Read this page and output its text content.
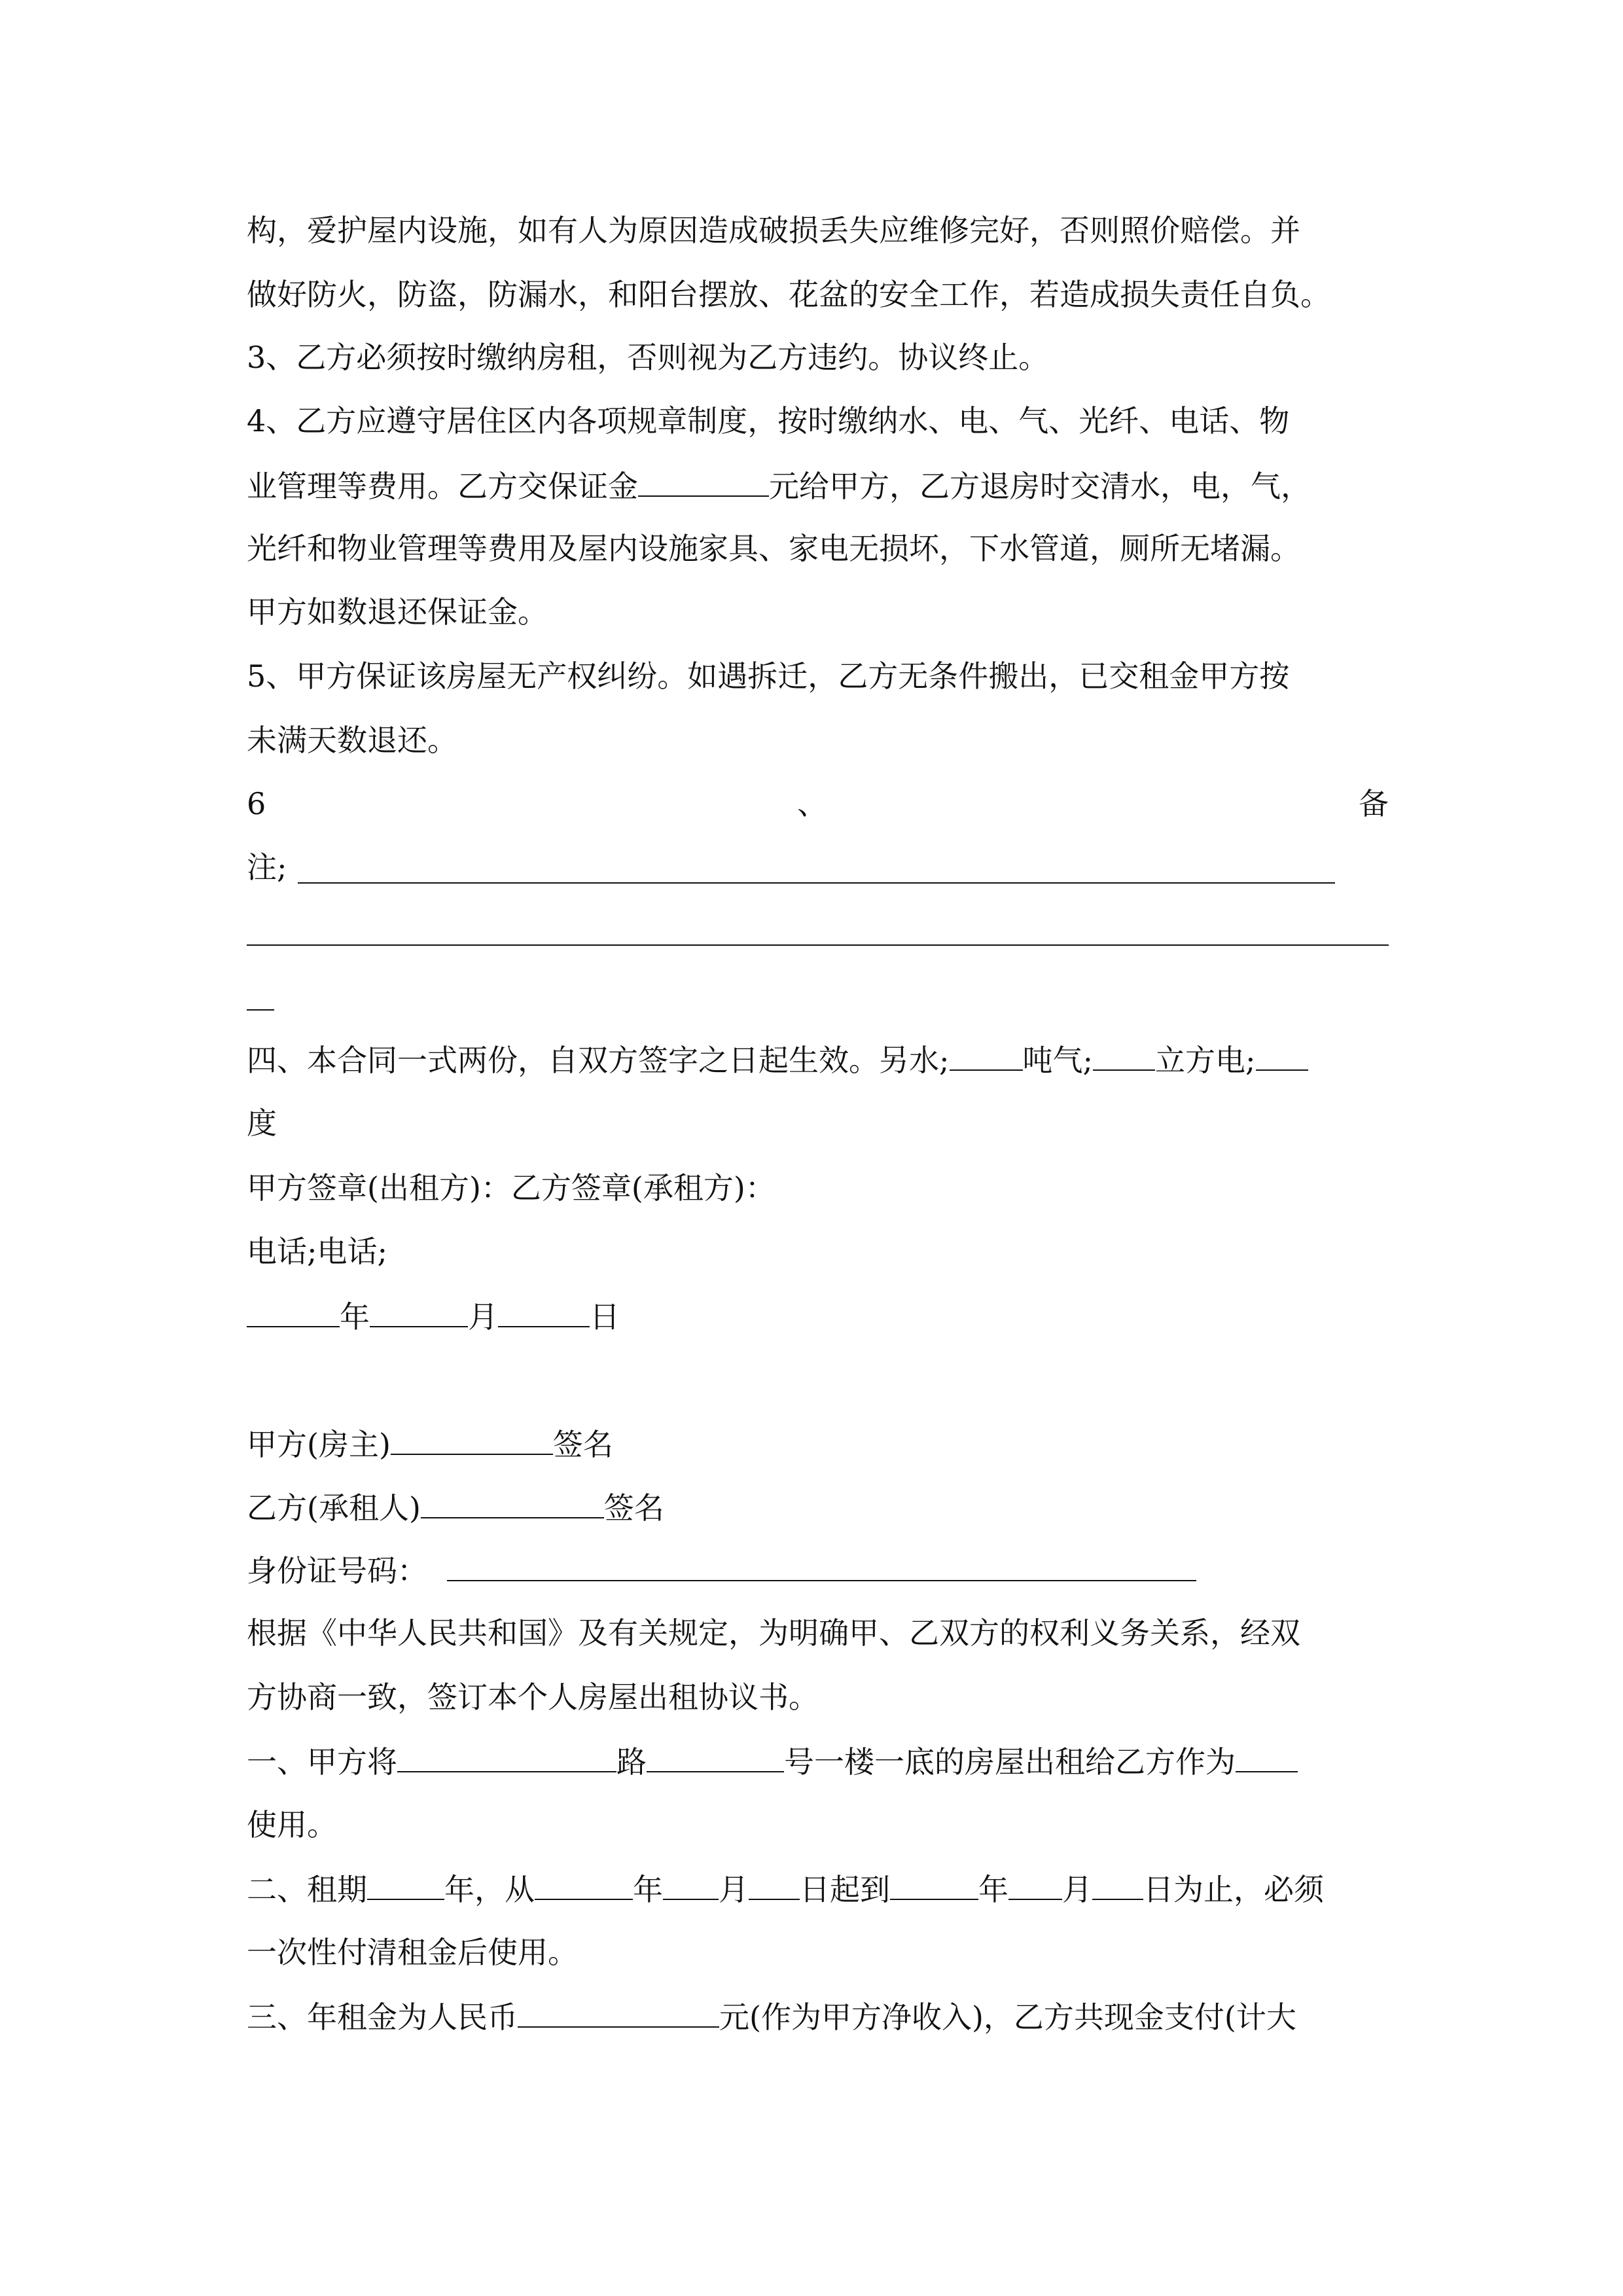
构，爱护屋内设施，如有人为原因造成破损丢失应维修完好，否则照价赔偿。并
做好防火，防盗，防漏水，和阳台摆放、花盆的安全工作，若造成损失责任自负。
3、乙方必须按时缴纳房租，否则视为乙方违约。协议终止。
4、乙方应遵守居住区内各项规章制度，按时缴纳水、电、气、光纤、电话、物
业管理等费用。乙方交保证金	元给甲方，乙方退房时交清水，电，气，
光纤和物业管理等费用及屋内设施家具、家电无损坏，下水管道，厕所无堵漏。
甲方如数退还保证金。
5、甲方保证该房屋无产权纠纷。如遇拆迁，乙方无条件搬出，已交租金甲方按
未满天数退还。
6	、	备
注;
四、本合同一式两份，自双方签字之日起生效。另水; 吨气; 立方电;
度
甲方签章(出租方)：乙方签章(承租方)：
电话;电话;
年	月	日
甲方(房主)	签名
乙方(承租人)	签名
身份证号码：
根据《中华人民共和国》及有关规定，为明确甲、乙双方的权利义务关系，经双
方协商一致，签订本个人房屋出租协议书。
一、甲方将	路	号一楼一底的房屋出租给乙方作为
使用。
二、租期	年，从	年 月 日起到	年 月 日为止，必须
一次性付清租金后使用。
三、年租金为人民币	元(作为甲方净收入)，乙方共现金支付(计大
